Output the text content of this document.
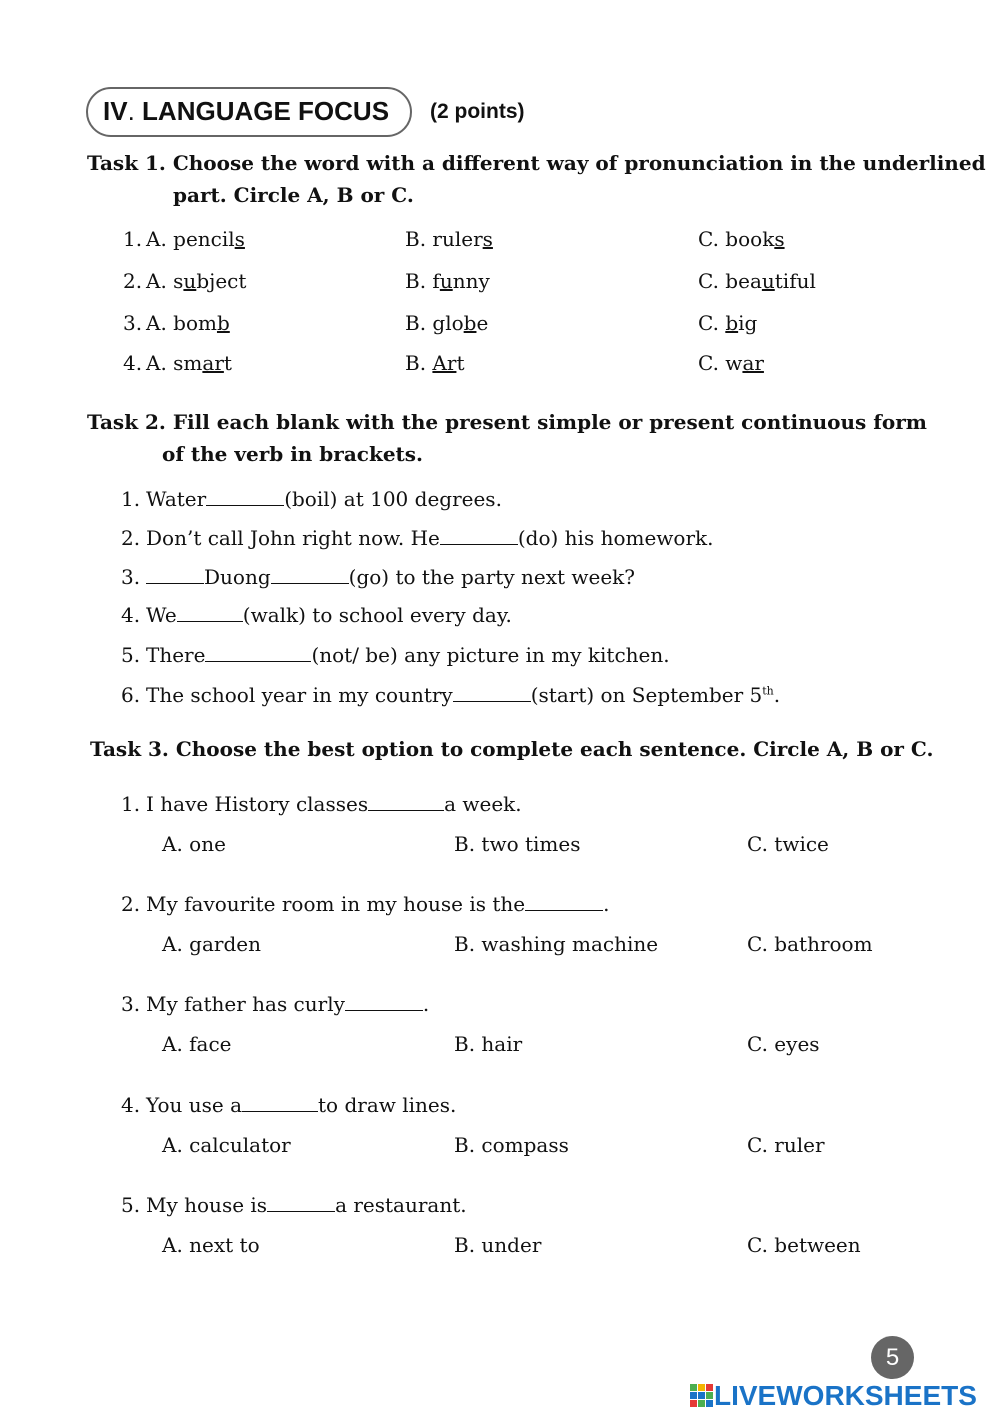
IV. LANGUAGE FOCUS (2 points)
Task 1. Choose the word with a different way of pronunciation in the underlined
part. Circle A, B or C.
1. A. pencils	B. rulers	C. books
2. A. subject	B. funny	C. beautiful
3. A. bomb	B. globe	C. big
4. A. smart	B. Art	C. war
Task 2. Fill each blank with the present simple or present continuous form
of the verb in brackets.
1. Water	(boil) at 100 degrees.
2. Don’t call John right now. He	(do) his homework.
3.	Duong	(go) to the party next week?
4. We	(walk) to school every day.
5. There	(not/ be) any picture in my kitchen.
6. The school year in my country	(start) on September 5th.
Task 3. Choose the best option to complete each sentence. Circle A, B or C.
1. I have History classes	a week.
A. one	B. two times	C. twice
2. My favourite room in my house is the	.
A. garden	B. washing machine	C. bathroom
3. My father has curly	.
A. face	B. hair	C. eyes
4. You use a	to draw lines.
A. calculator	B. compass	C. ruler
5. My house is	a restaurant.
A. next to	B. under	C. between
5
LIVEWORKSHEETS
